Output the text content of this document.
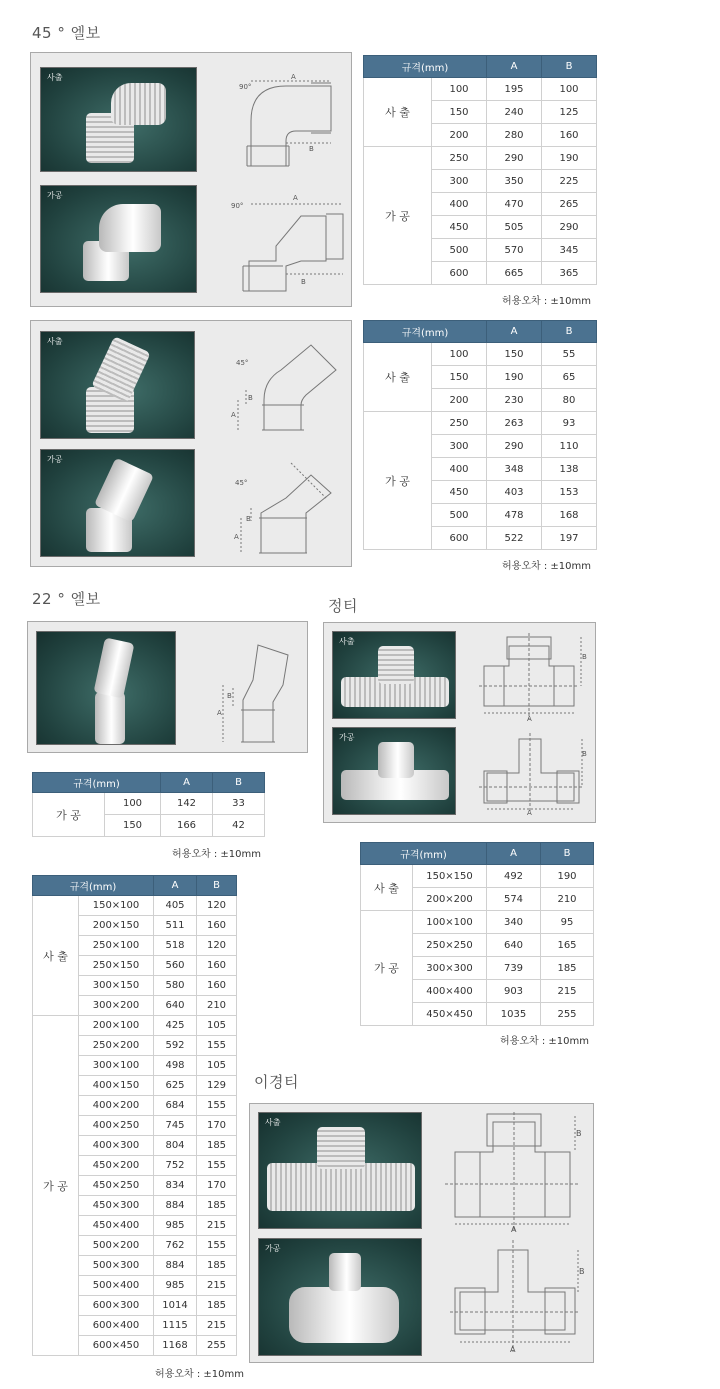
45 ° 엘보
사출
가공
90°
A
B
90°
A
B
규격(mm)		A	B
사 출	100	195	100
	150	240	125
	200	280	160
가 공	250	290	190
	300	350	225
	400	470	265
	450	505	290
	500	570	345
	600	665	365
허용오차 : ±10mm
사출
가공
45°
A
B
45°
A
B
규격(mm)		A	B
사 출	100	150	55
	150	190	65
	200	230	80
가 공	250	263	93
	300	290	110
	400	348	138
	450	403	153
	500	478	168
	600	522	197
허용오차 : ±10mm
22 ° 엘보
A
B
규격(mm)		A	B
가 공	100	142	33
	150	166	42
허용오차 : ±10mm
정티
사출
가공
A
B
A
B
규격(mm)		A	B
사 출	150×150	492	190
	200×200	574	210
가 공	100×100	340	95
	250×250	640	165
	300×300	739	185
	400×400	903	215
	450×450	1035	255
허용오차 : ±10mm
규격(mm)		A	B
사 출	150×100	405	120
	200×150	511	160
	250×100	518	120
	250×150	560	160
	300×150	580	160
	300×200	640	210
가 공	200×100	425	105
	250×200	592	155
	300×100	498	105
	400×150	625	129
	400×200	684	155
	400×250	745	170
	400×300	804	185
	450×200	752	155
	450×250	834	170
	450×300	884	185
	450×400	985	215
	500×200	762	155
	500×300	884	185
	500×400	985	215
	600×300	1014	185
	600×400	1115	215
	600×450	1168	255
허용오차 : ±10mm
이경티
사출
가공
A
B
A
B
